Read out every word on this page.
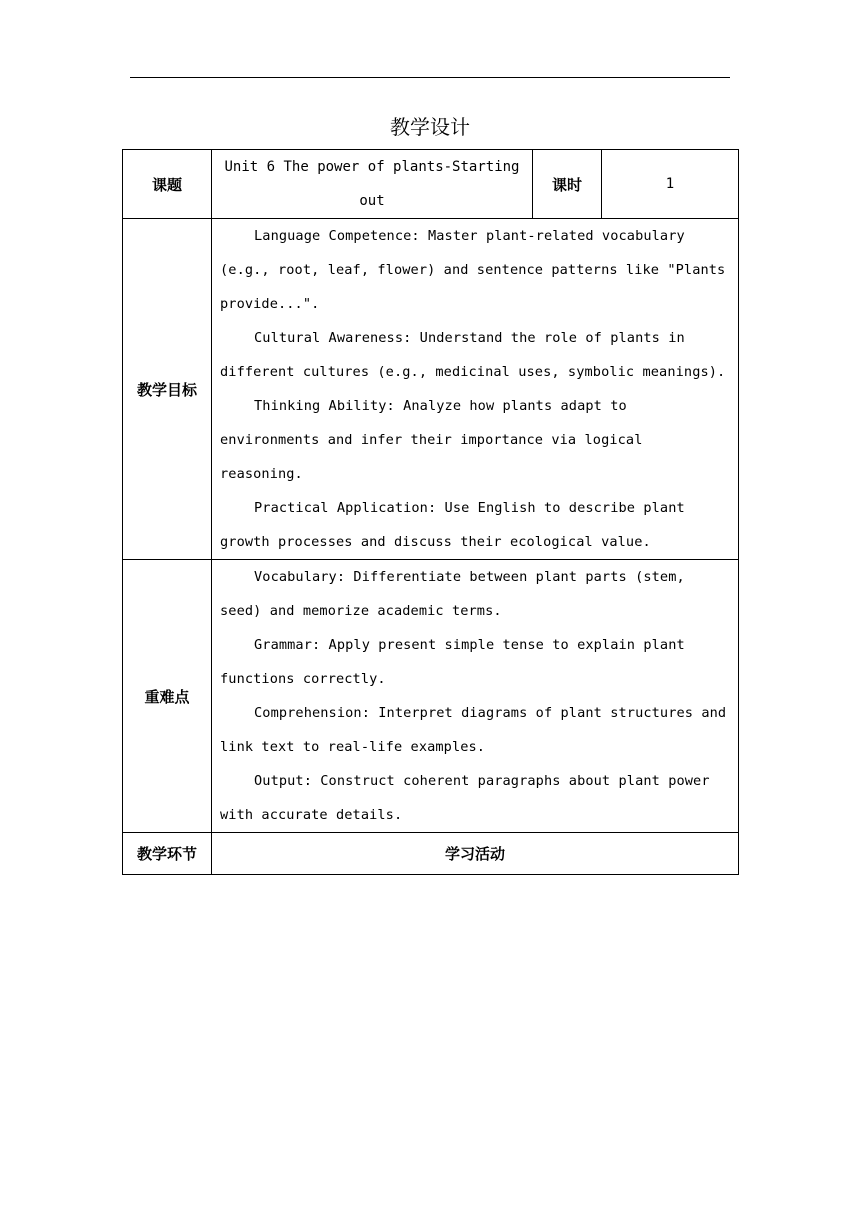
教学设计
课题	Unit 6 The power of plants-Starting out	课时	1
教学目标	Language Competence: Master plant-related vocabulary (e.g., root, leaf, flower) and sentence patterns like "Plants provide...".

Cultural Awareness: Understand the role of plants in different cultures (e.g., medicinal uses, symbolic meanings).

Thinking Ability: Analyze how plants adapt to environments and infer their importance via logical reasoning.

Practical Application: Use English to describe plant growth processes and discuss their ecological value.		

重难点	Vocabulary: Differentiate between plant parts (stem, seed) and memorize academic terms.

Grammar: Apply present simple tense to explain plant functions correctly.

Comprehension: Interpret diagrams of plant structures and link text to real-life examples.

Output: Construct coherent paragraphs about plant power with accurate details.		

教学环节	学习活动		
